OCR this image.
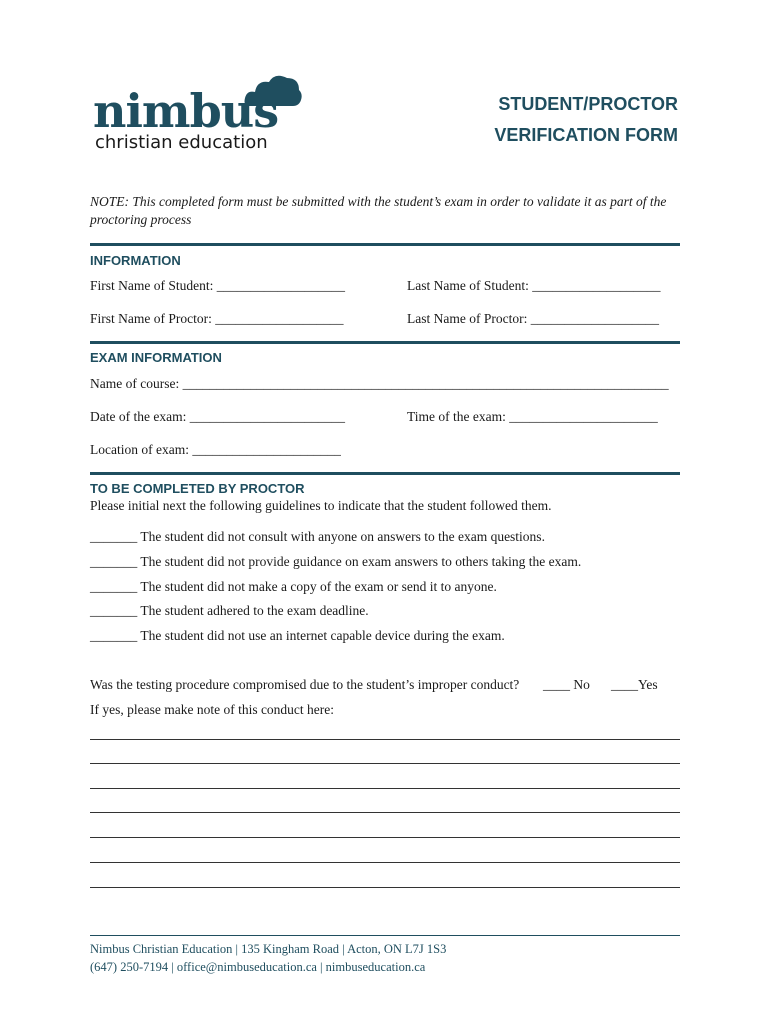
nimbus
christian education
STUDENT/PROCTOR
VERIFICATION FORM
NOTE: This completed form must be submitted with the student’s exam in order to validate it as part of the proctoring process
INFORMATION
First Name of Student: ___________________	Last Name of Student: ___________________
First Name of Proctor: ___________________	Last Name of Proctor: ___________________
EXAM INFORMATION
Name of course: ________________________________________________________________________
Date of the exam: _______________________	Time of the exam: ______________________
Location of exam: ______________________
TO BE COMPLETED BY PROCTOR
Please initial next the following guidelines to indicate that the student followed them.
_______ The student did not consult with anyone on answers to the exam questions.
_______ The student did not provide guidance on exam answers to others taking the exam.
_______ The student did not make a copy of the exam or send it to anyone.
_______ The student adhered to the exam deadline.
_______ The student did not use an internet capable device during the exam.
Was the testing procedure compromised due to the student’s improper conduct? ____ No ____Yes
If yes, please make note of this conduct here:
Nimbus Christian Education | 135 Kingham Road | Acton, ON L7J 1S3
(647) 250-7194 | office@nimbuseducation.ca | nimbuseducation.ca
